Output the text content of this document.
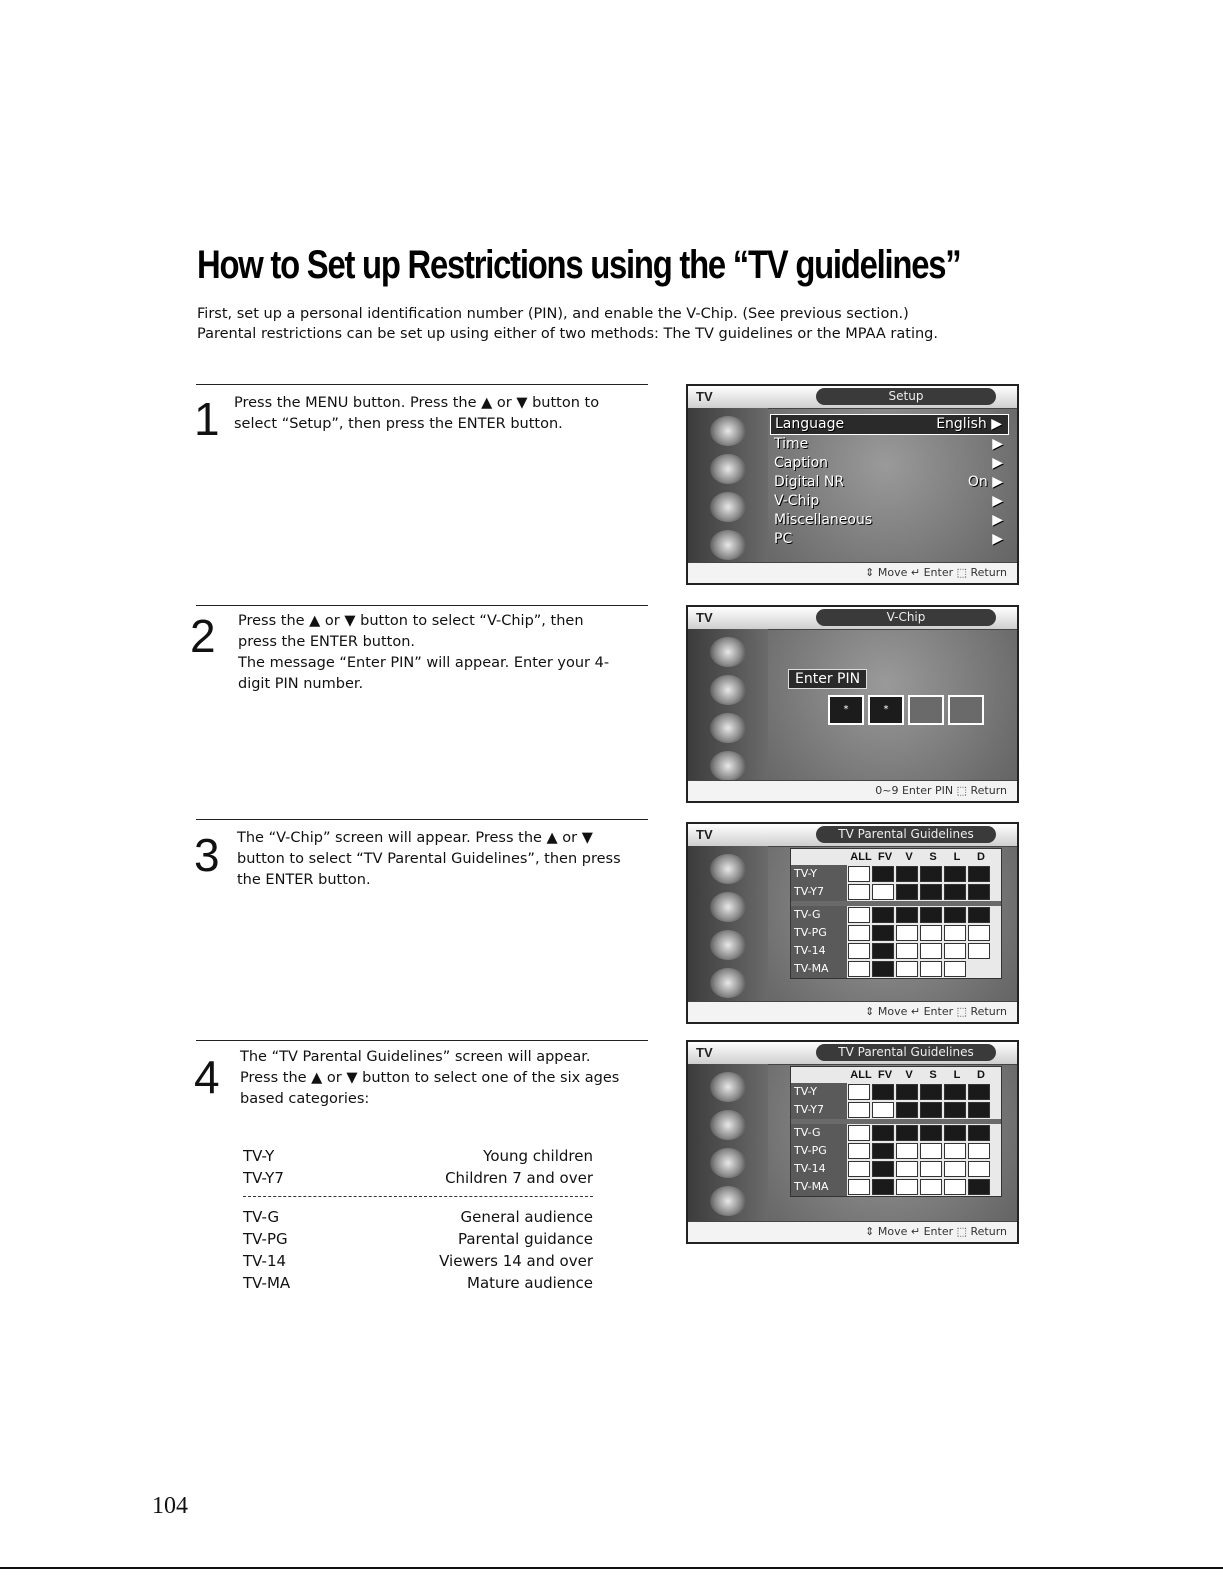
How to Set up Restrictions using the “TV guidelines”
First, set up a personal identification number (PIN), and enable the V-Chip. (See previous section.)
Parental restrictions can be set up using either of two methods: The TV guidelines or the MPAA rating.
1 Press the MENU button. Press the ▲ or ▼ button to
select “Setup”, then press the ENTER button.
2 Press the ▲ or ▼ button to select “V-Chip”, then
press the ENTER button.
The message “Enter PIN” will appear. Enter your 4-
digit PIN number.
3 The “V-Chip” screen will appear. Press the ▲ or ▼
button to select “TV Parental Guidelines”, then press
the ENTER button.
4 The “TV Parental Guidelines” screen will appear.
Press the ▲ or ▼ button to select one of the six ages
based categories:
TV-Y	Young children
TV-Y7	Children 7 and over
TV-G	General audience
TV-PG	Parental guidance
TV-14	Viewers 14 and over
TV-MA	Mature audience
TV	Setup
Language	English ▶
Time	▶
Caption	▶
Digital NR	On ▶
V-Chip	▶
Miscellaneous	▶
PC	▶
⇕ Move ↵ Enter ⬚ Return
TV	V-Chip
Enter PIN
*	*
0~9 Enter PIN ⬚ Return
TV	TV Parental Guidelines
ALL FV	V	S	L	D
TV-Y
TV-Y7
TV-G
TV-PG
TV-14
TV-MA
⇕ Move ↵ Enter ⬚ Return
TV	TV Parental Guidelines
ALL FV	V	S	L	D
TV-Y
TV-Y7
TV-G
TV-PG
TV-14
TV-MA
⇕ Move ↵ Enter ⬚ Return
104
